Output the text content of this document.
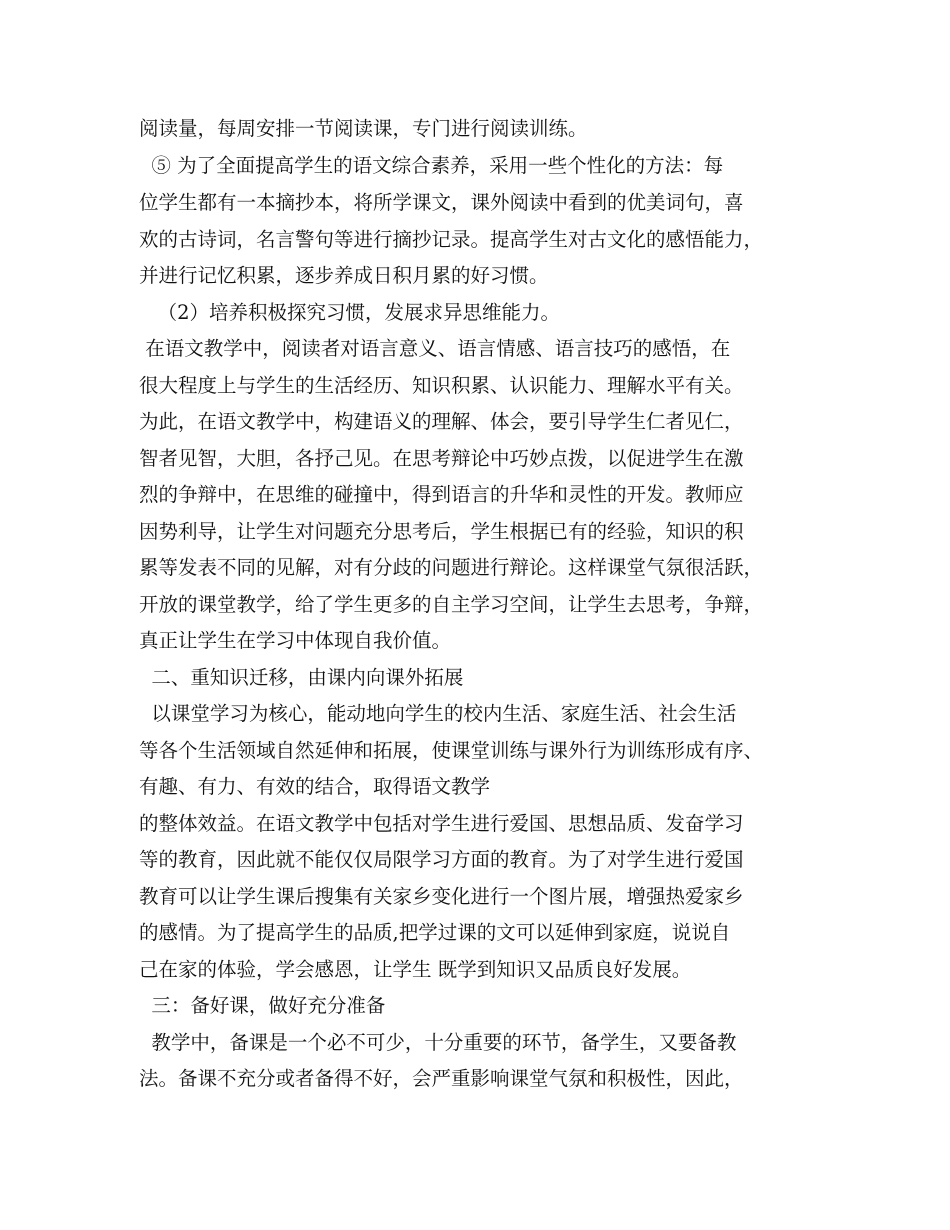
阅读量，每周安排一节阅读课，专门进行阅读训练。
⑤ 为了全面提高学生的语文综合素养，采用一些个性化的方法：每
位学生都有一本摘抄本，将所学课文，课外阅读中看到的优美词句，喜
欢的古诗词，名言警句等进行摘抄记录。提高学生对古文化的感悟能力，
并进行记忆积累，逐步养成日积月累的好习惯。
（2）培养积极探究习惯，发展求异思维能力。
在语文教学中，阅读者对语言意义、语言情感、语言技巧的感悟，在
很大程度上与学生的生活经历、知识积累、认识能力、理解水平有关。
为此，在语文教学中，构建语义的理解、体会，要引导学生仁者见仁，
智者见智，大胆，各抒己见。在思考辩论中巧妙点拨，以促进学生在激
烈的争辩中，在思维的碰撞中，得到语言的升华和灵性的开发。教师应
因势利导，让学生对问题充分思考后，学生根据已有的经验，知识的积
累等发表不同的见解，对有分歧的问题进行辩论。这样课堂气氛很活跃，
开放的课堂教学，给了学生更多的自主学习空间，让学生去思考，争辩，
真正让学生在学习中体现自我价值。
二、重知识迁移，由课内向课外拓展
以课堂学习为核心，能动地向学生的校内生活、家庭生活、社会生活
等各个生活领域自然延伸和拓展，使课堂训练与课外行为训练形成有序、
有趣、有力、有效的结合，取得语文教学
的整体效益。在语文教学中包括对学生进行爱国、思想品质、发奋学习
等的教育，因此就不能仅仅局限学习方面的教育。为了对学生进行爱国
教育可以让学生课后搜集有关家乡变化进行一个图片展，增强热爱家乡
的感情。为了提高学生的品质,把学过课的文可以延伸到家庭，说说自
己在家的体验，学会感恩，让学生 既学到知识又品质良好发展。
三：备好课，做好充分准备
教学中，备课是一个必不可少，十分重要的环节，备学生，又要备教
法。备课不充分或者备得不好，会严重影响课堂气氛和积极性，因此，
